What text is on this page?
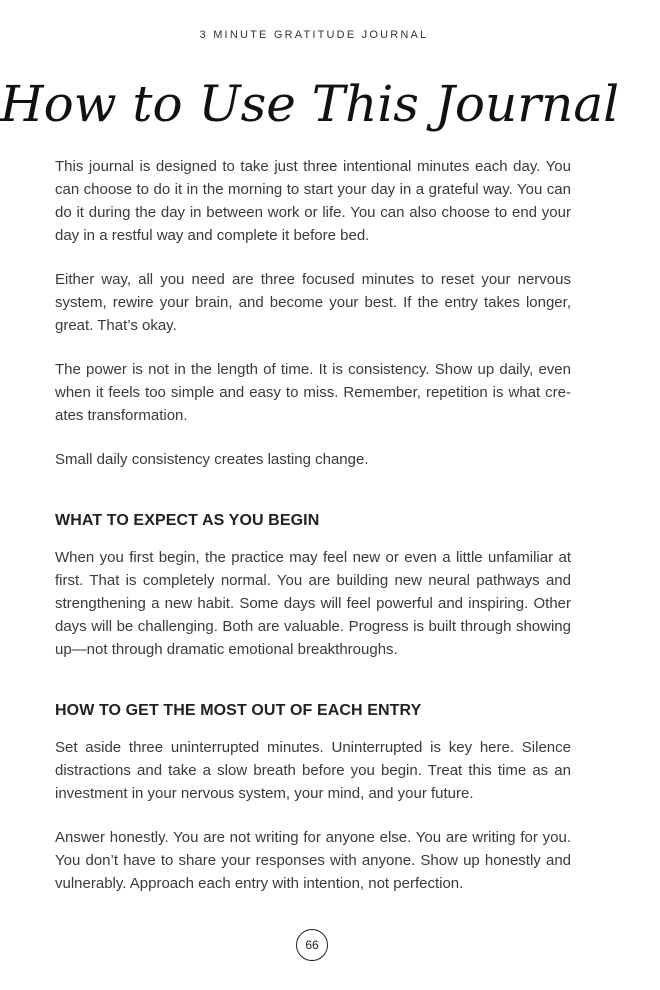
3 MINUTE GRATITUDE JOURNAL
How to Use This Journal

This journal is designed to take just three intentional minutes each day. You can choose to do it in the morning to start your day in a grateful way. You can do it during the day in between work or life. You can also choose to end your day in a restful way and complete it before bed.

Either way, all you need are three focused minutes to reset your nervous system, rewire your brain, and become your best. If the entry takes longer, great. That’s okay.

The power is not in the length of time. It is consistency. Show up daily, even when it feels too simple and easy to miss. Remember, repetition is what cre-ates transformation.

Small daily consistency creates lasting change.

WHAT TO EXPECT AS YOU BEGIN

When you first begin, the practice may feel new or even a little unfamiliar at first. That is completely normal. You are building new neural pathways and strengthening a new habit. Some days will feel powerful and inspiring. Other days will be challenging. Both are valuable. Progress is built through showing up—not through dramatic emotional breakthroughs.

HOW TO GET THE MOST OUT OF EACH ENTRY

Set aside three uninterrupted minutes. Uninterrupted is key here. Silence distractions and take a slow breath before you begin. Treat this time as an investment in your nervous system, your mind, and your future.

Answer honestly. You are not writing for anyone else. You are writing for you. You don’t have to share your responses with anyone. Show up honestly and vulnerably. Approach each entry with intention, not perfection.

66
